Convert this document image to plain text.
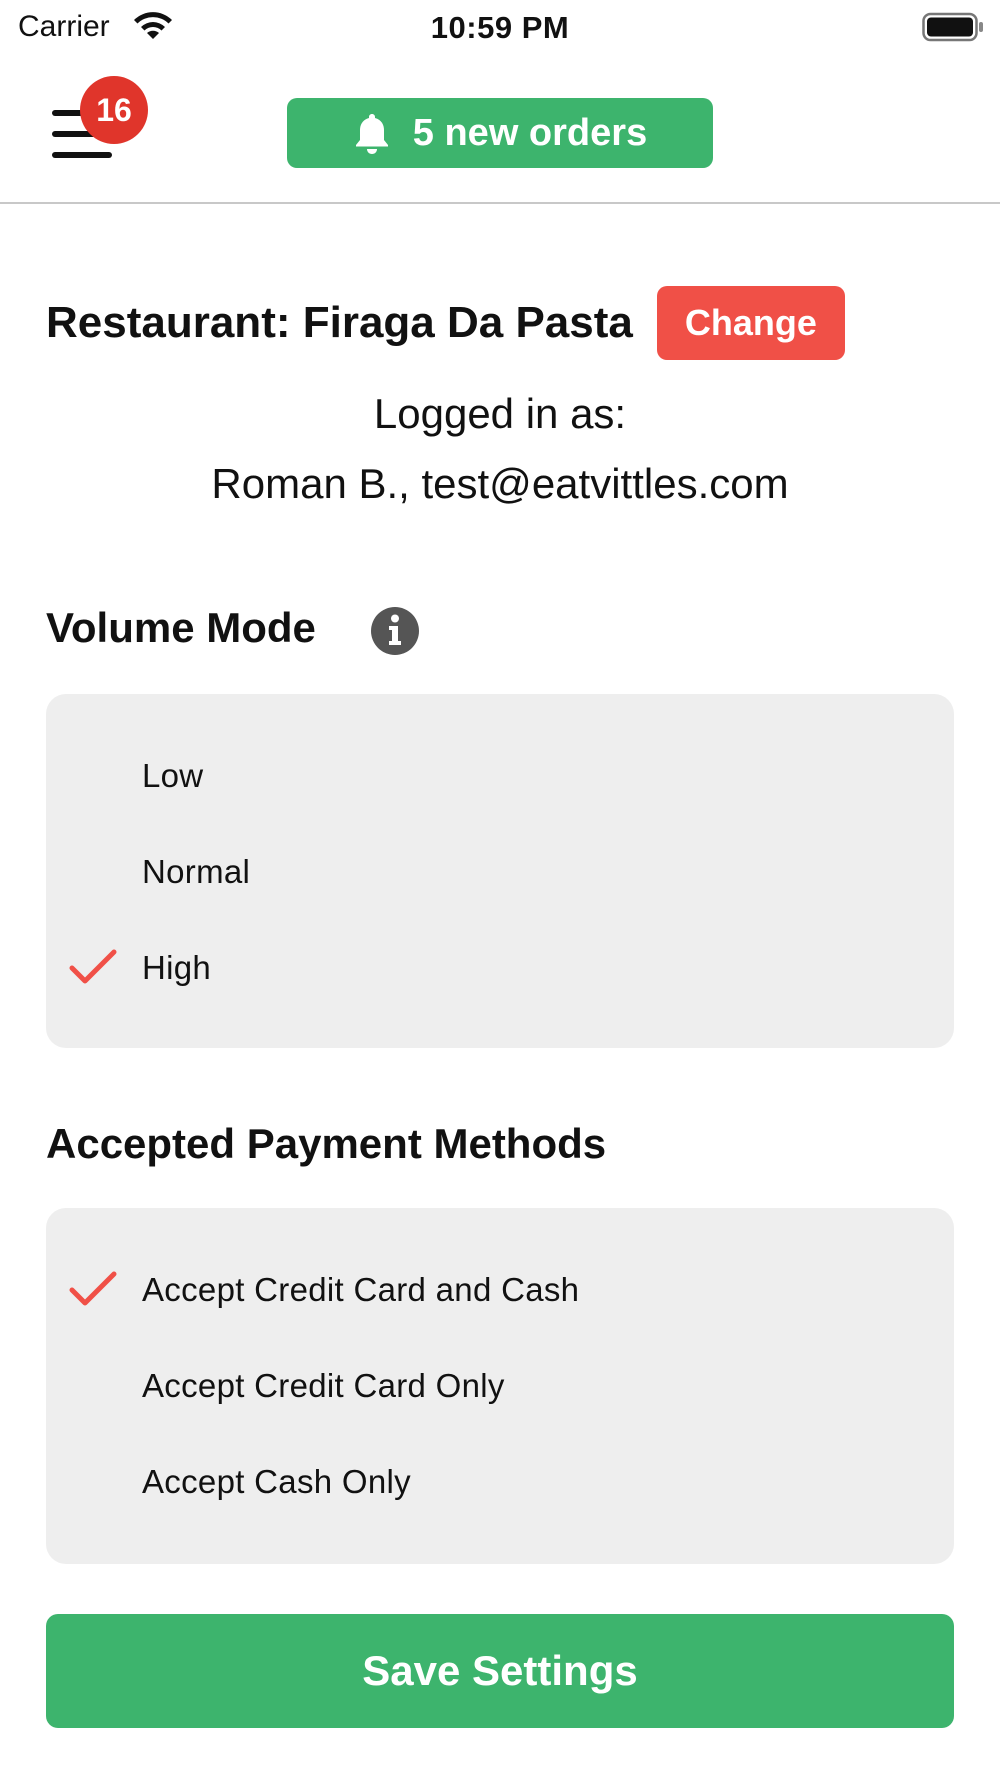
Carrier	10:59 PM
16
5 new orders
Restaurant: Firaga Da Pasta	Change
Logged in as:
Roman B., test@eatvittles.com
Volume Mode
Low
Normal
High
Accepted Payment Methods
Accept Credit Card and Cash
Accept Credit Card Only
Accept Cash Only
Save Settings
